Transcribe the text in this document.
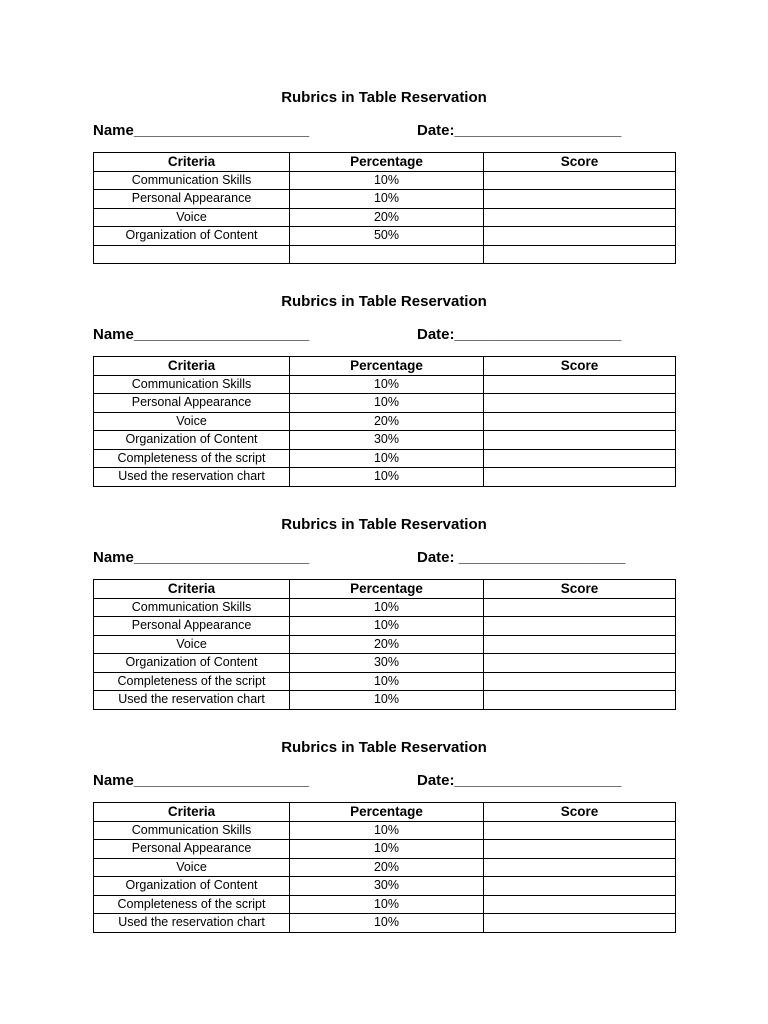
Rubrics in Table Reservation
Name_____________________	Date:____________________
Criteria	Percentage	Score
Communication Skills	10%	
Personal Appearance	10%	
Voice	20%	
Organization of Content	50%	

Rubrics in Table Reservation
Name_____________________	Date:____________________
Criteria	Percentage	Score
Communication Skills	10%	
Personal Appearance	10%	
Voice	20%	
Organization of Content	30%	
Completeness of the script	10%	
Used the reservation chart	10%	
Rubrics in Table Reservation
Name_____________________	Date: ____________________
Criteria	Percentage	Score
Communication Skills	10%	
Personal Appearance	10%	
Voice	20%	
Organization of Content	30%	
Completeness of the script	10%	
Used the reservation chart	10%	
Rubrics in Table Reservation
Name_____________________	Date:____________________
Criteria	Percentage	Score
Communication Skills	10%	
Personal Appearance	10%	
Voice	20%	
Organization of Content	30%	
Completeness of the script	10%	
Used the reservation chart	10%	
